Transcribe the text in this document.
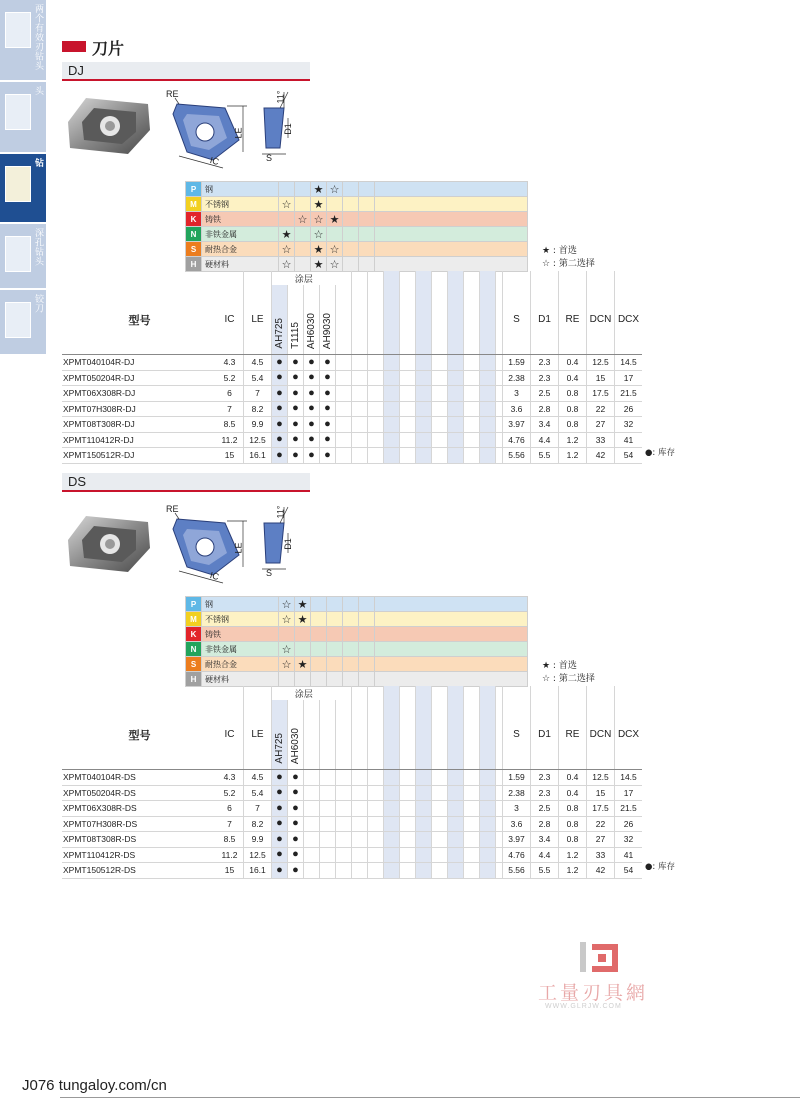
两个有效刃钻头
四个有效刃钻头
可转位式浅孔钻
深孔钻头
铰刀
刀片
DJ
RE
LE
IC
11°
D1
S
P	钢			★	☆			
M	不锈钢	☆		★				
K	铸铁		☆	☆	★			
N	非铁金属	★		☆				
S	耐热合金	☆		★	☆			
H	硬材料	☆		★	☆			
★ : 首选
☆ : 第二选择
			涂层																			
型号	IC	LE	AH725	T1115	AH6030	AH9030												S	D1	RE	DCN	DCX
XPMT040104R-DJ	4.3	4.5	●	●	●	●												1.59	2.3	0.4	12.5	14.5
XPMT050204R-DJ	5.2	5.4	●	●	●	●												2.38	2.3	0.4	15	17
XPMT06X308R-DJ	6	7	●	●	●	●												3	2.5	0.8	17.5	21.5
XPMT07H308R-DJ	7	8.2	●	●	●	●												3.6	2.8	0.8	22	26
XPMT08T308R-DJ	8.5	9.9	●	●	●	●												3.97	3.4	0.8	27	32
XPMT110412R-DJ	11.2	12.5	●	●	●	●												4.76	4.4	1.2	33	41
XPMT150512R-DJ	15	16.1	●	●	●	●												5.56	5.5	1.2	42	54 ●: 库存
DS
RE
LE
IC
11°
D1
S
P	钢	☆	★					
M	不锈钢	☆	★					
K	铸铁							
N	非铁金属	☆						
S	耐热合金	☆	★					
H	硬材料							
★ : 首选
☆ : 第二选择
			涂层																			
型号	IC	LE	AH725	AH6030														S	D1	RE	DCN	DCX
XPMT040104R-DS	4.3	4.5	●	●														1.59	2.3	0.4	12.5	14.5
XPMT050204R-DS	5.2	5.4	●	●														2.38	2.3	0.4	15	17
XPMT06X308R-DS	6	7	●	●														3	2.5	0.8	17.5	21.5
XPMT07H308R-DS	7	8.2	●	●														3.6	2.8	0.8	22	26
XPMT08T308R-DS	8.5	9.9	●	●														3.97	3.4	0.8	27	32
XPMT110412R-DS	11.2	12.5	●	●														4.76	4.4	1.2	33	41
XPMT150512R-DS	15	16.1	●	●														5.56	5.5	1.2	42	54 ●: 库存
工量刃具網
WWW.GLRJW.COM
J076 tungaloy.com/cn
